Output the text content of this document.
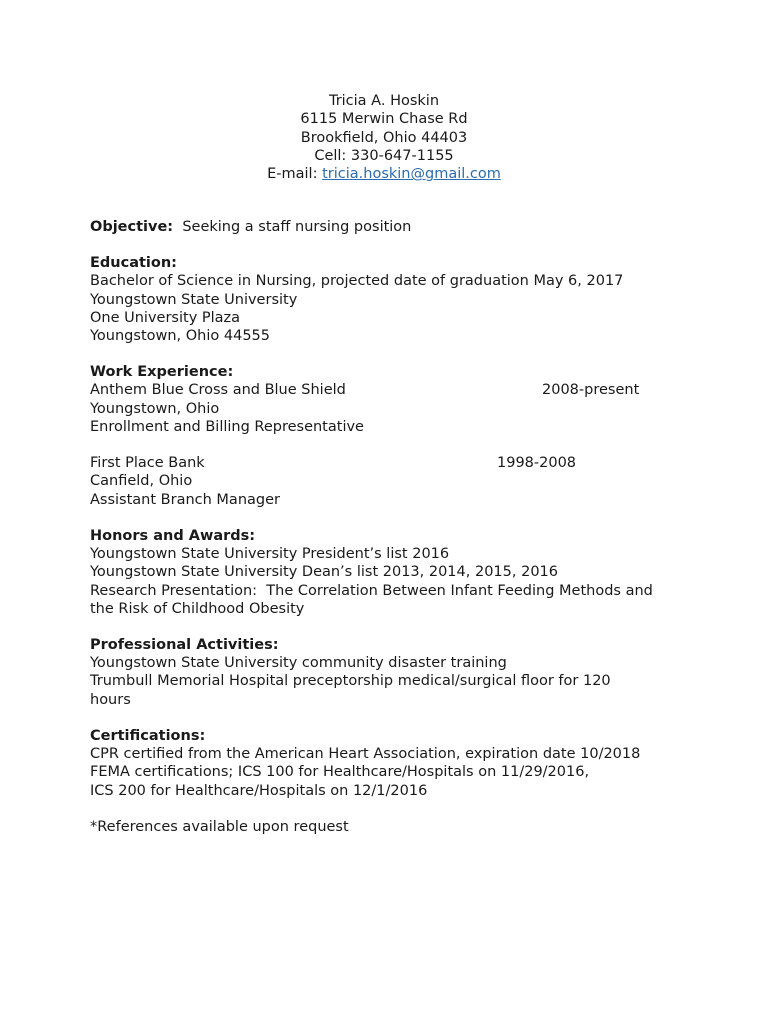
Tricia A. Hoskin
6115 Merwin Chase Rd
Brookfield, Ohio 44403
Cell: 330-647-1155
E-mail: tricia.hoskin@gmail.com
Objective: Seeking a staff nursing position
Education:
Bachelor of Science in Nursing, projected date of graduation May 6, 2017
Youngstown State University
One University Plaza
Youngstown, Ohio 44555
Work Experience:
Anthem Blue Cross and Blue Shield	2008-present
Youngstown, Ohio
Enrollment and Billing Representative
First Place Bank	1998-2008
Canfield, Ohio
Assistant Branch Manager
Honors and Awards:
Youngstown State University President’s list 2016
Youngstown State University Dean’s list 2013, 2014, 2015, 2016
Research Presentation:  The Correlation Between Infant Feeding Methods and
the Risk of Childhood Obesity
Professional Activities:
Youngstown State University community disaster training
Trumbull Memorial Hospital preceptorship medical/surgical floor for 120
hours
Certifications:
CPR certified from the American Heart Association, expiration date 10/2018
FEMA certifications; ICS 100 for Healthcare/Hospitals on 11/29/2016,
ICS 200 for Healthcare/Hospitals on 12/1/2016
*References available upon request
